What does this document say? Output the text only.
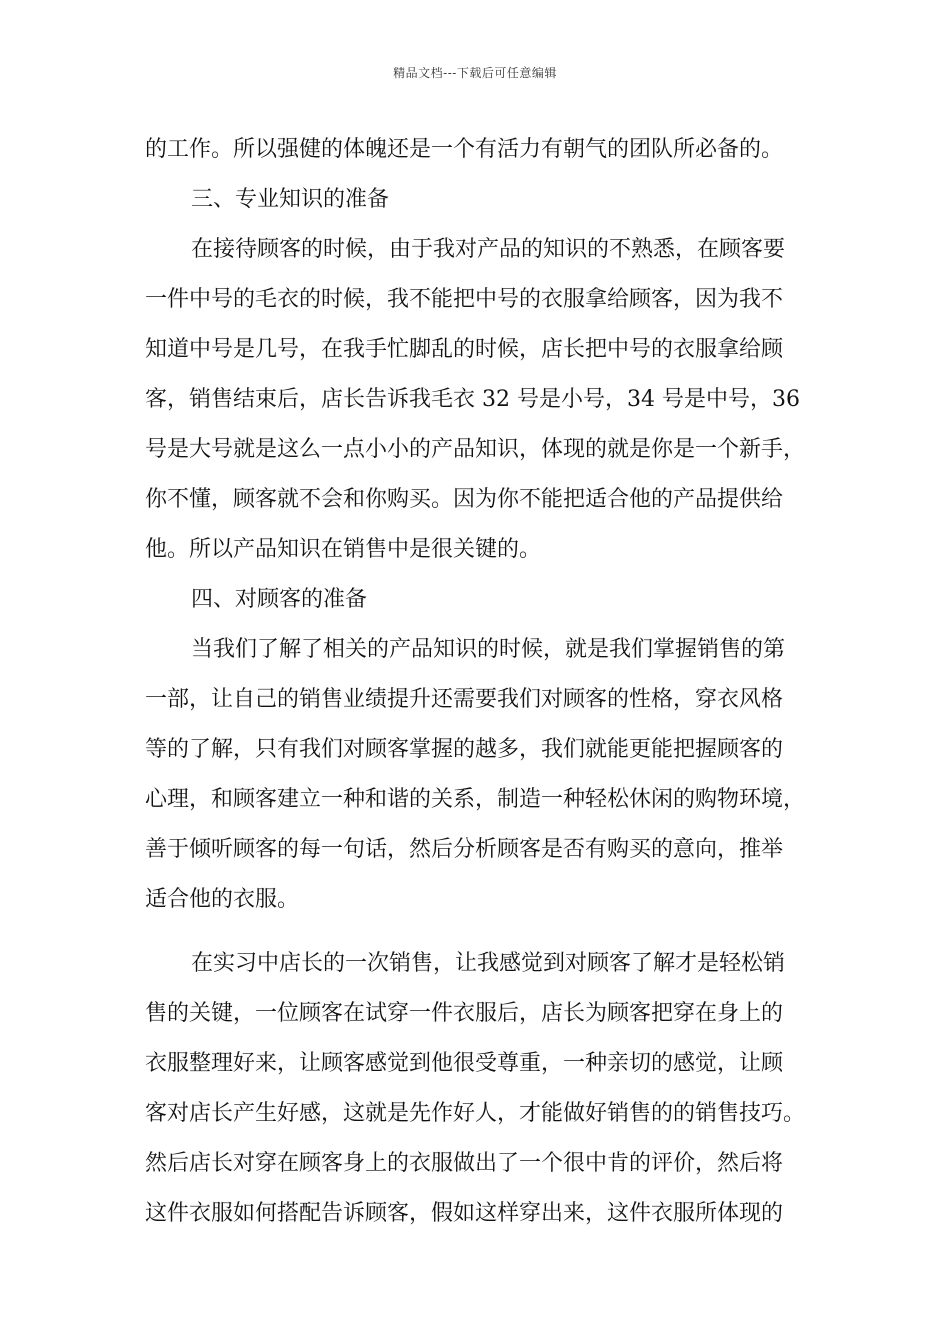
精品文档---下载后可任意编辑
的工作。所以强健的体魄还是一个有活力有朝气的团队所必备的。
三、专业知识的准备
在接待顾客的时候，由于我对产品的知识的不熟悉，在顾客要
一件中号的毛衣的时候，我不能把中号的衣服拿给顾客，因为我不
知道中号是几号，在我手忙脚乱的时候，店长把中号的衣服拿给顾
客，销售结束后，店长告诉我毛衣 32 号是小号，34 号是中号，36
号是大号就是这么一点小小的产品知识，体现的就是你是一个新手，
你不懂，顾客就不会和你购买。因为你不能把适合他的产品提供给
他。所以产品知识在销售中是很关键的。
四、对顾客的准备
当我们了解了相关的产品知识的时候，就是我们掌握销售的第
一部，让自己的销售业绩提升还需要我们对顾客的性格，穿衣风格
等的了解，只有我们对顾客掌握的越多，我们就能更能把握顾客的
心理，和顾客建立一种和谐的关系，制造一种轻松休闲的购物环境，
善于倾听顾客的每一句话，然后分析顾客是否有购买的意向，推举
适合他的衣服。
在实习中店长的一次销售，让我感觉到对顾客了解才是轻松销
售的关键，一位顾客在试穿一件衣服后，店长为顾客把穿在身上的
衣服整理好来，让顾客感觉到他很受尊重，一种亲切的感觉，让顾
客对店长产生好感，这就是先作好人，才能做好销售的的销售技巧。
然后店长对穿在顾客身上的衣服做出了一个很中肯的评价，然后将
这件衣服如何搭配告诉顾客，假如这样穿出来，这件衣服所体现的
